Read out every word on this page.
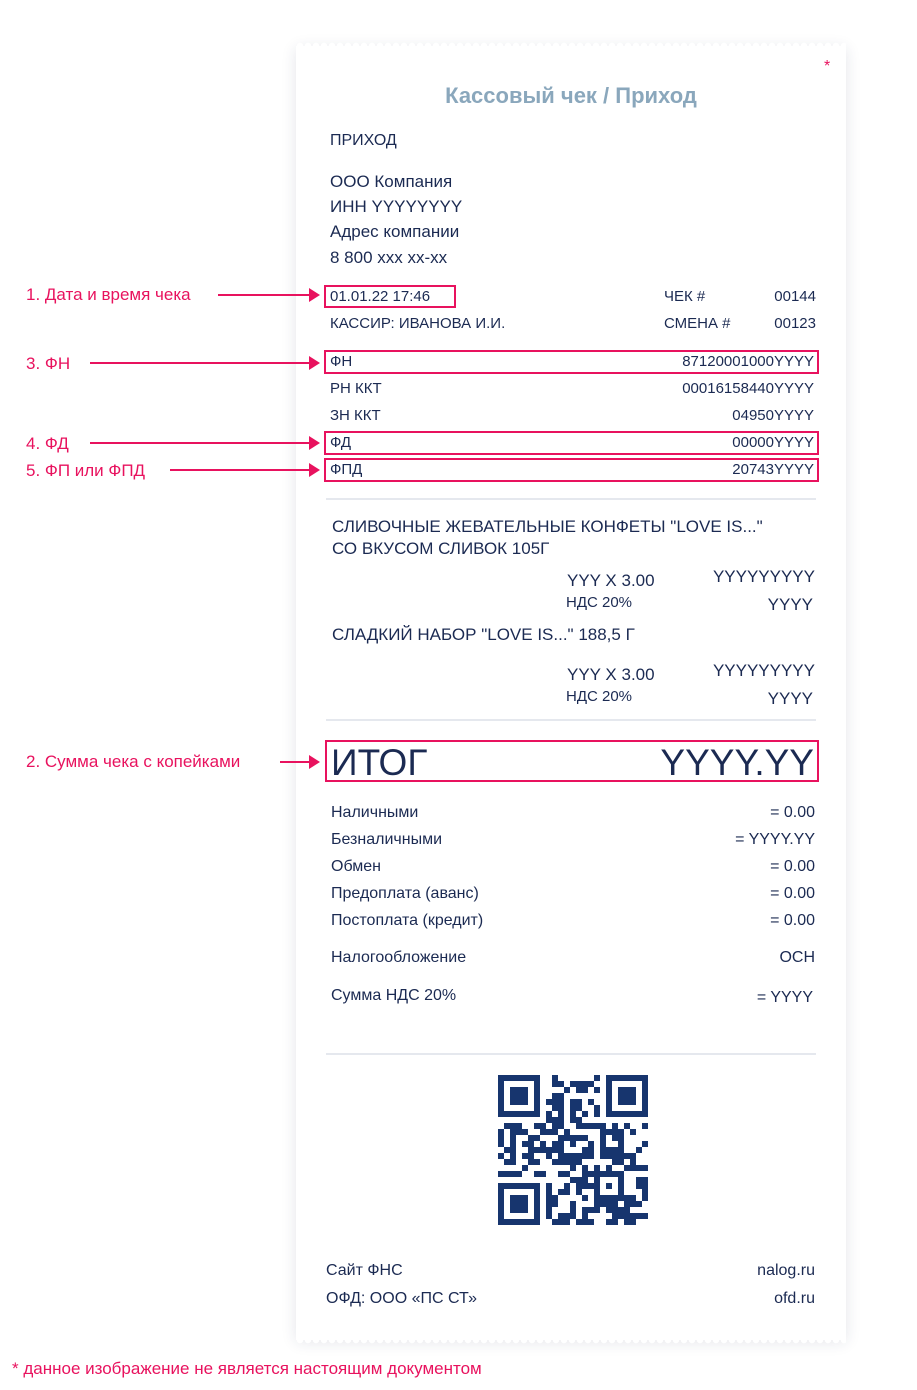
Кассовый чек / Приход
*
ПРИХОД
ООО Компания
ИНН YYYYYYYY
Адрес компании
8 800 xxx xx-xx
01.01.22 17:46	ЧЕК #	00144
КАССИР: ИВАНОВА И.И.	СМЕНА #	00123
ФН	87120001000YYYY
РН ККТ	00016158440YYYY
ЗН ККТ	04950YYYY
ФД	00000YYYY
ФПД	20743YYYY
СЛИВОЧНЫЕ ЖЕВАТЕЛЬНЫЕ КОНФЕТЫ "LOVE IS..."
СО ВКУСОМ СЛИВОК 105Г
YYY X 3.00	YYYYYYYYY
НДС 20%	YYYY
СЛАДКИЙ НАБОР "LOVE IS..." 188,5 Г
YYY X 3.00	YYYYYYYYY
НДС 20%	YYYY
ИТОГ	YYYY.YY
Наличными	= 0.00
Безналичными	= YYYY.YY
Обмен	= 0.00
Предоплата (аванс)	= 0.00
Постоплата (кредит)	= 0.00
Налогообложение	ОСН
Сумма НДС 20%	= YYYY
Сайт ФНС	nalog.ru
ОФД: ООО «ПС СТ»	ofd.ru
1. Дата и время чека
3. ФН
4. ФД
5. ФП или ФПД
2. Сумма чека с копейками
* данное изображение не является настоящим документом
